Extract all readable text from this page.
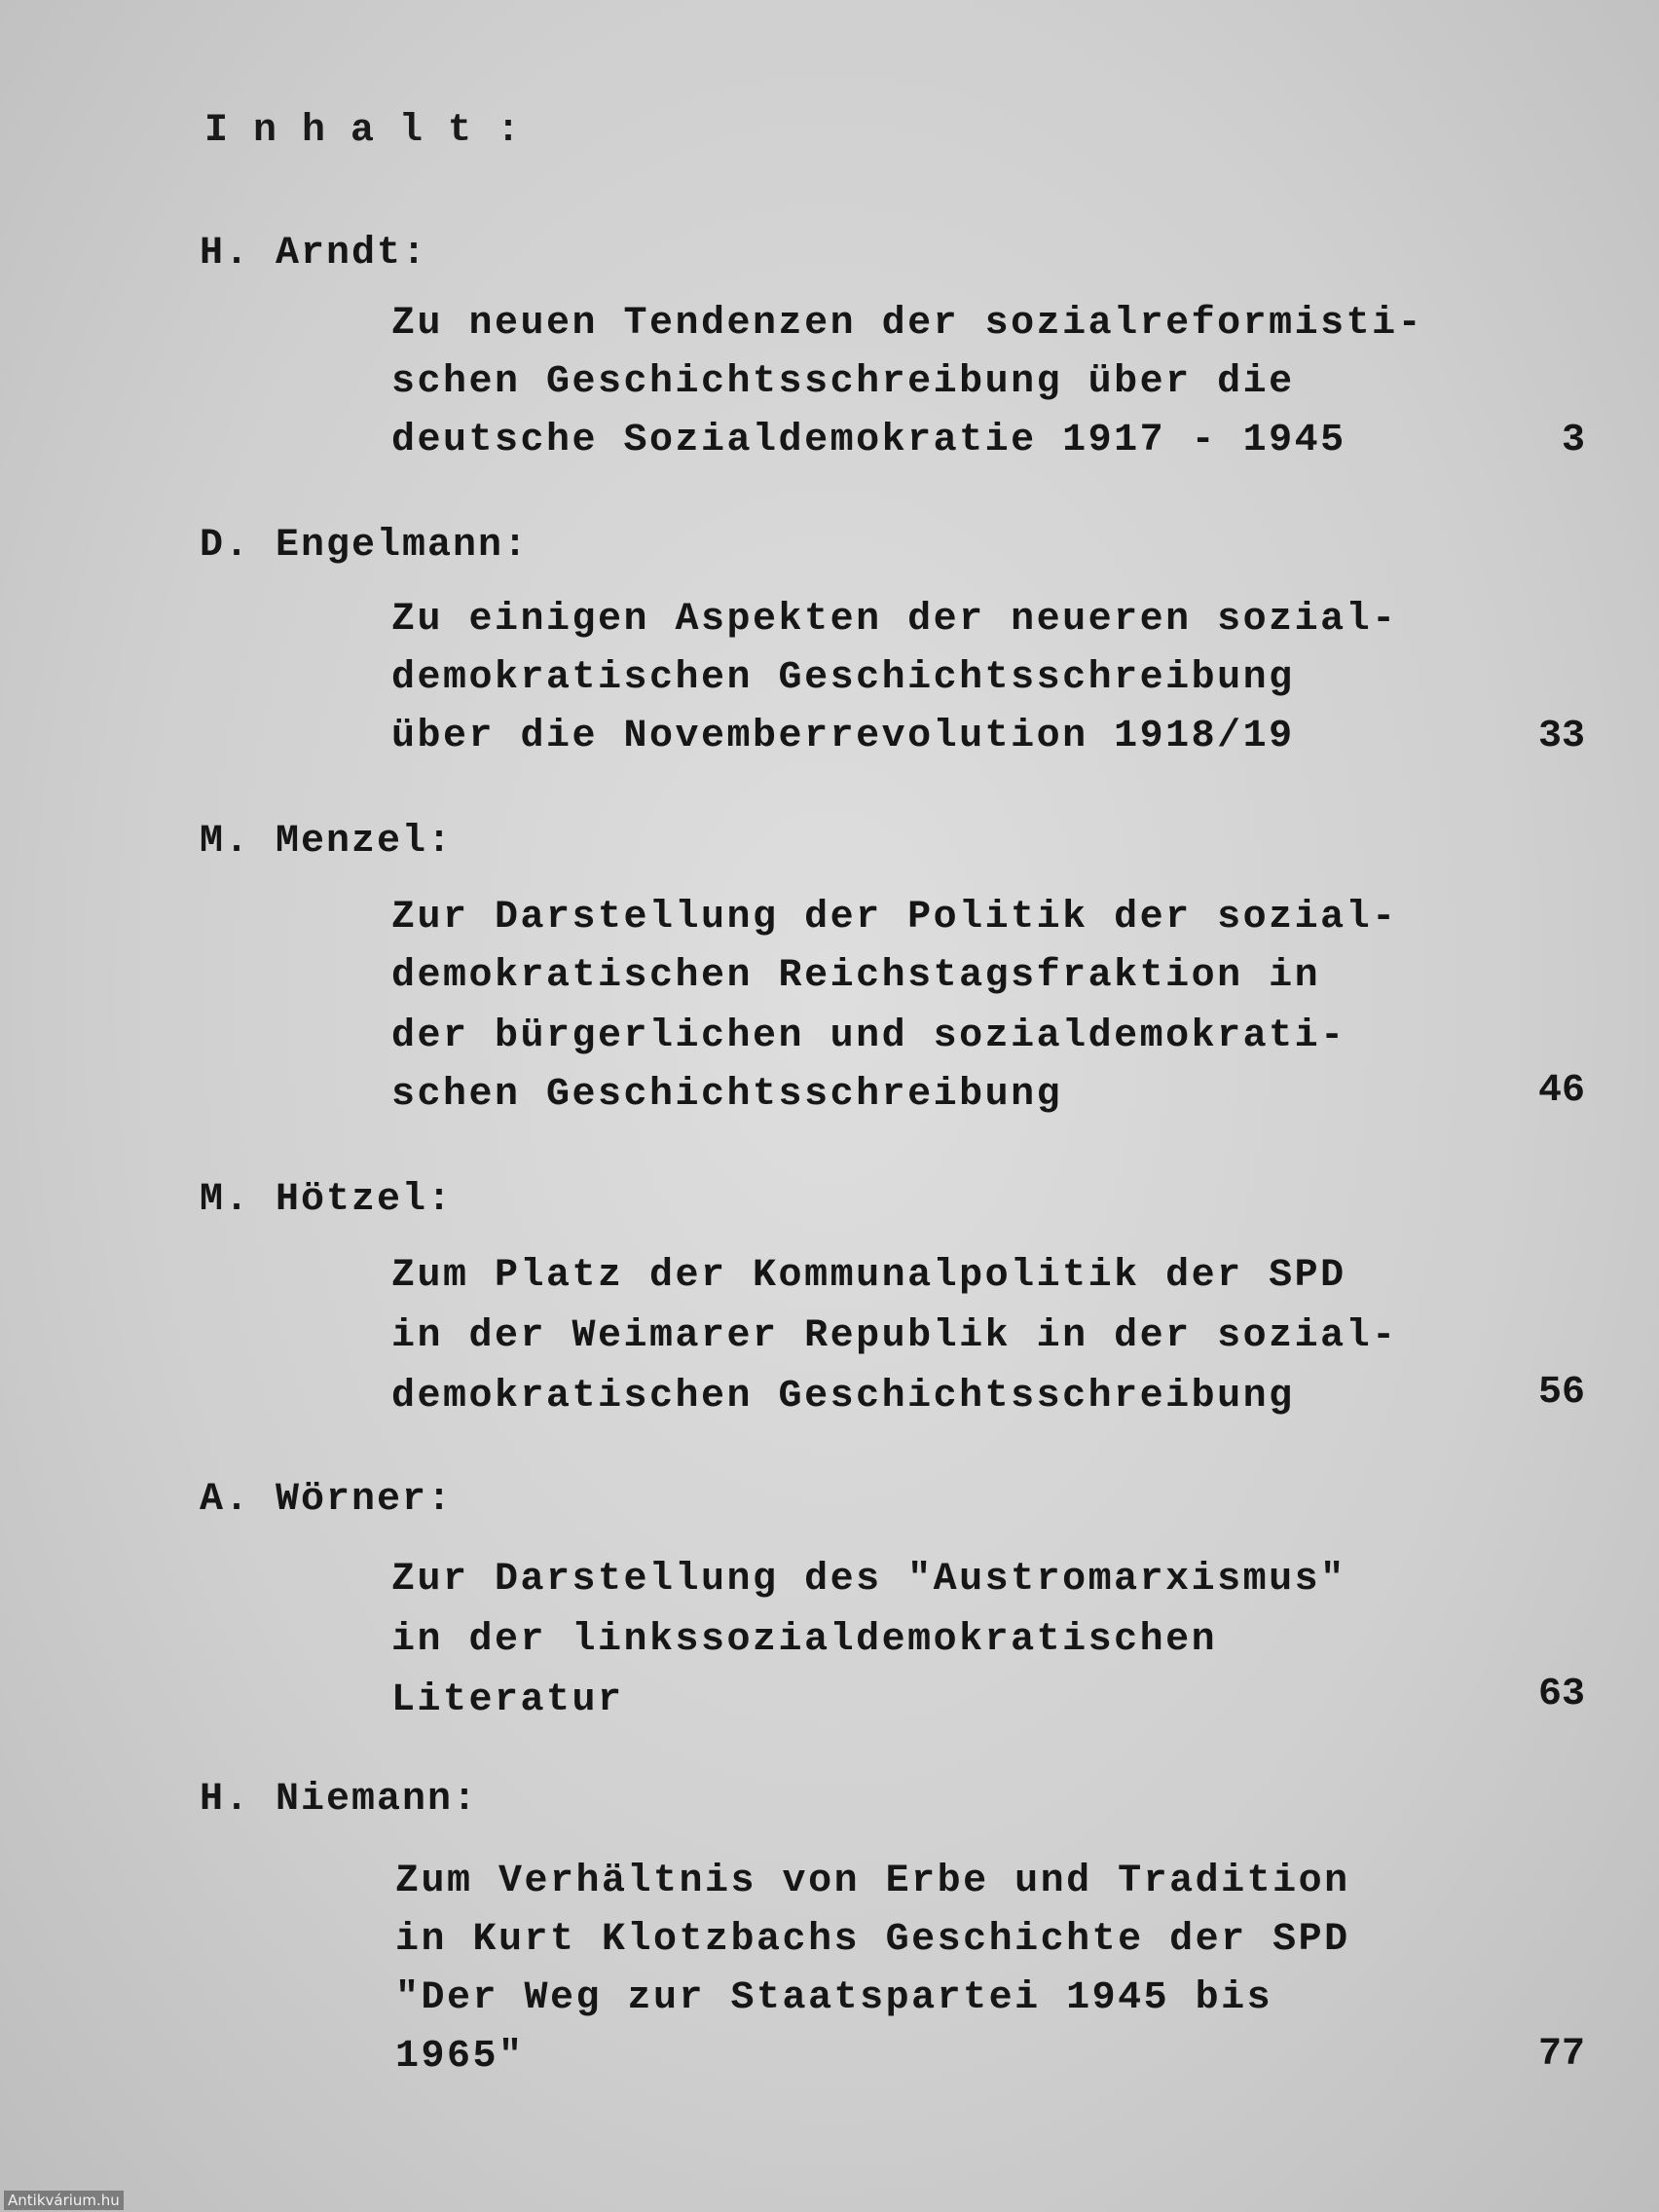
Inhalt:
H. Arndt:
Zu neuen Tendenzen der sozialreformisti-
schen Geschichtsschreibung über die
deutsche Sozialdemokratie 1917 - 1945	3
D. Engelmann:
Zu einigen Aspekten der neueren sozial-
demokratischen Geschichtsschreibung
über die Novemberrevolution 1918/19	33
M. Menzel:
Zur Darstellung der Politik der sozial-
demokratischen Reichstagsfraktion in
der bürgerlichen und sozialdemokrati-
schen Geschichtsschreibung	46
M. Hötzel:
Zum Platz der Kommunalpolitik der SPD
in der Weimarer Republik in der sozial-
demokratischen Geschichtsschreibung	56
A. Wörner:
Zur Darstellung des "Austromarxismus"
in der linkssozialdemokratischen
Literatur	63
H. Niemann:
Zum Verhältnis von Erbe und Tradition
in Kurt Klotzbachs Geschichte der SPD
"Der Weg zur Staatspartei 1945 bis
1965"	77
Antikvárium.hu
